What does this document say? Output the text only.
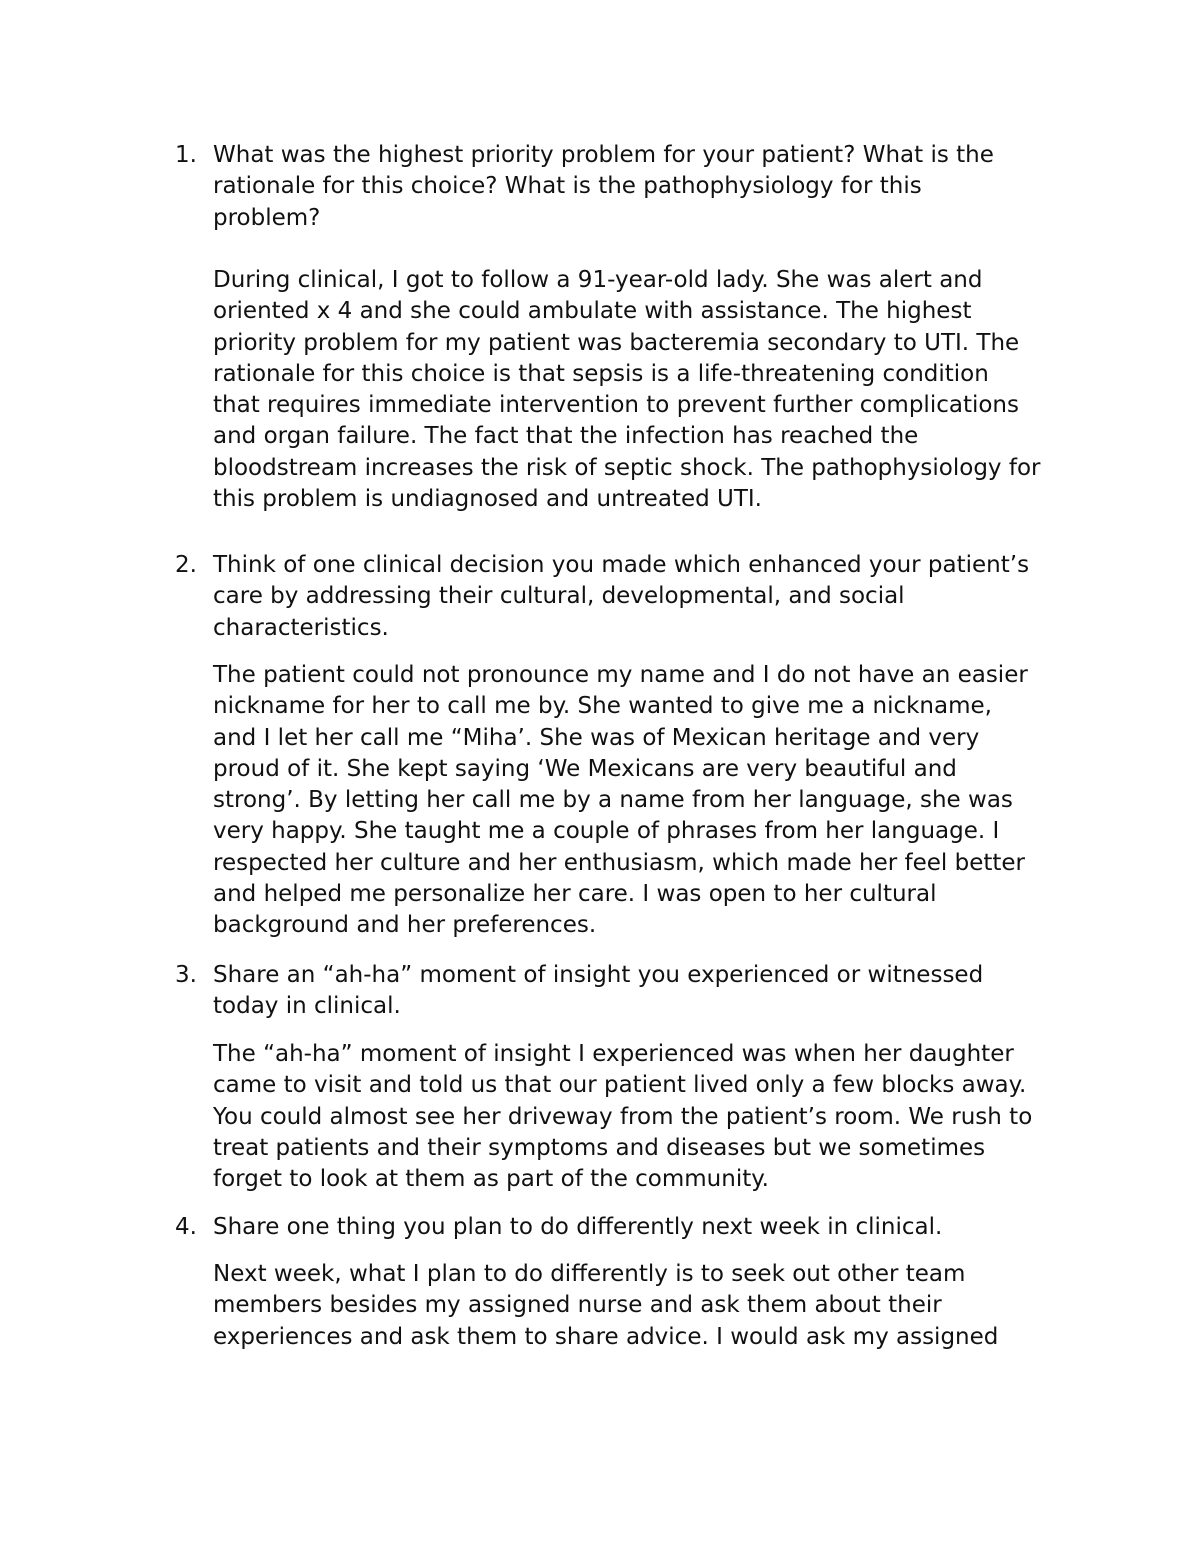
1. What was the highest priority problem for your patient? What is the
rationale for this choice? What is the pathophysiology for this
problem?

During clinical, I got to follow a 91-year-old lady. She was alert and
oriented x 4 and she could ambulate with assistance. The highest
priority problem for my patient was bacteremia secondary to UTI. The
rationale for this choice is that sepsis is a life-threatening condition
that requires immediate intervention to prevent further complications
and organ failure. The fact that the infection has reached the
bloodstream increases the risk of septic shock. The pathophysiology for
this problem is undiagnosed and untreated UTI.

2. Think of one clinical decision you made which enhanced your patient’s
care by addressing their cultural, developmental, and social
characteristics.

The patient could not pronounce my name and I do not have an easier
nickname for her to call me by. She wanted to give me a nickname,
and I let her call me “Miha’. She was of Mexican heritage and very
proud of it. She kept saying ‘We Mexicans are very beautiful and
strong’. By letting her call me by a name from her language, she was
very happy. She taught me a couple of phrases from her language. I
respected her culture and her enthusiasm, which made her feel better
and helped me personalize her care. I was open to her cultural
background and her preferences.

3. Share an “ah-ha” moment of insight you experienced or witnessed
today in clinical.

The “ah-ha” moment of insight I experienced was when her daughter
came to visit and told us that our patient lived only a few blocks away.
You could almost see her driveway from the patient’s room. We rush to
treat patients and their symptoms and diseases but we sometimes
forget to look at them as part of the community.

4. Share one thing you plan to do differently next week in clinical.

Next week, what I plan to do differently is to seek out other team
members besides my assigned nurse and ask them about their
experiences and ask them to share advice. I would ask my assigned
